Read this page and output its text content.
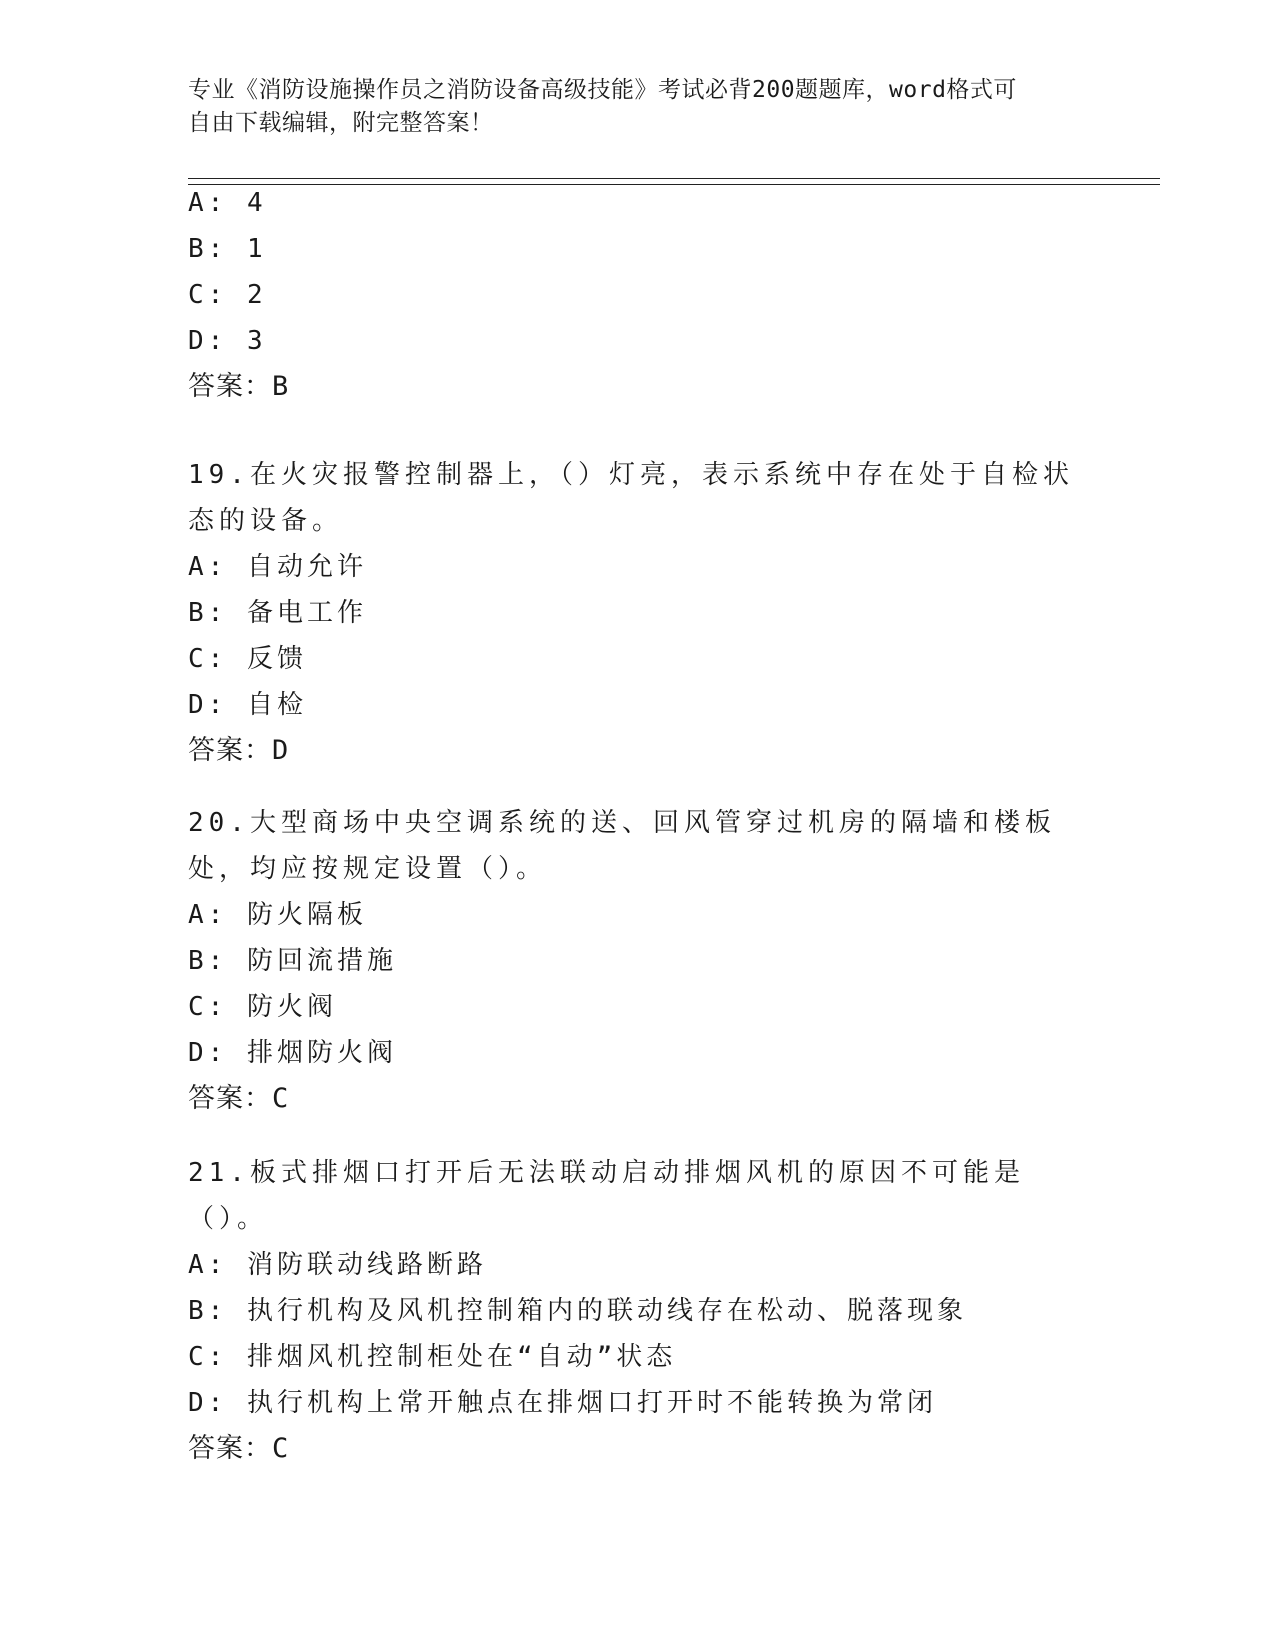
专业《消防设施操作员之消防设备高级技能》考试必背200题题库，word格式可
自由下载编辑，附完整答案！
A: 4
B: 1
C: 2
D: 3
答案：B
19.在火灾报警控制器上，（）灯亮，表示系统中存在处于自检状态的设备。
A: 自动允许
B: 备电工作
C: 反馈
D: 自检
答案：D
20.大型商场中央空调系统的送、回风管穿过机房的隔墙和楼板处，均应按规定设置（）。
A: 防火隔板
B: 防回流措施
C: 防火阀
D: 排烟防火阀
答案：C
21.板式排烟口打开后无法联动启动排烟风机的原因不可能是（）。
A: 消防联动线路断路
B: 执行机构及风机控制箱内的联动线存在松动、脱落现象
C: 排烟风机控制柜处在“自动”状态
D: 执行机构上常开触点在排烟口打开时不能转换为常闭
答案：C
